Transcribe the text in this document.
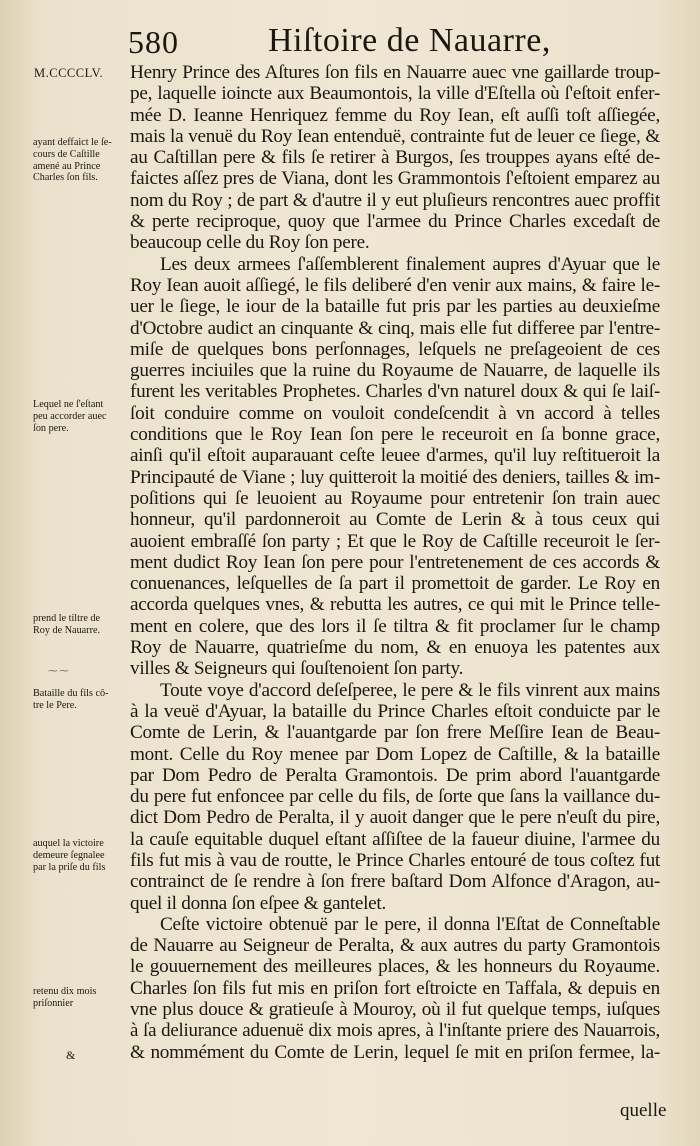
580	Hiſtoire de Nauarre,
M.CCCCLV. Henry Prince des Aſtures ſon fils en Nauarre auec vne gaillarde troup-
pe, laquelle ioincte aux Beaumontois, la ville d'Eſtella où ſ'eſtoit enfer-
mée D. Ieanne Henriquez femme du Roy Iean, eſt auſſi toſt aſſiegée,
mais la venuë du Roy Iean entenduë, contrainte fut de leuer ce ſiege, &
au Caſtillan pere & fils ſe retirer à Burgos, ſes trouppes ayans eſté de-
faictes aſſez pres de Viana, dont les Grammontois ſ'eſtoient emparez au
nom du Roy ; de part & d'autre il y eut pluſieurs rencontres auec proffit
& perte reciproque, quoy que l'armee du Prince Charles excedaſt de
beaucoup celle du Roy ſon pere.
Les deux armees ſ'aſſemblerent finalement aupres d'Ayuar que le
Roy Iean auoit aſſiegé, le fils deliberé d'en venir aux mains, & faire le-
uer le ſiege, le iour de la bataille fut pris par les parties au deuxieſme
d'Octobre audict an cinquante & cinq, mais elle fut differee par l'entre-
miſe de quelques bons perſonnages, leſquels ne preſageoient de ces
guerres inciuiles que la ruine du Royaume de Nauarre, de laquelle ils
furent les veritables Prophetes. Charles d'vn naturel doux & qui ſe laiſ-
ſoit conduire comme on vouloit condeſcendit à vn accord à telles
conditions que le Roy Iean ſon pere le receuroit en ſa bonne grace,
ainſi qu'il eſtoit auparauant ceſte leuee d'armes, qu'il luy reſtitueroit la
Principauté de Viane ; luy quitteroit la moitié des deniers, tailles & im-
poſitions qui ſe leuoient au Royaume pour entretenir ſon train auec
honneur, qu'il pardonneroit au Comte de Lerin & à tous ceux qui
auoient embraſſé ſon party ; Et que le Roy de Caſtille receuroit le ſer-
ment dudict Roy Iean ſon pere pour l'entretenement de ces accords &
conuenances, leſquelles de ſa part il promettoit de garder. Le Roy en
accorda quelques vnes, & rebutta les autres, ce qui mit le Prince telle-
ment en colere, que des lors il ſe tiltra & fit proclamer ſur le champ
Roy de Nauarre, quatrieſme du nom, & en enuoya les patentes aux
villes & Seigneurs qui ſouſtenoient ſon party.
Toute voye d'accord deſeſperee, le pere & le fils vinrent aux mains
à la veuë d'Ayuar, la bataille du Prince Charles eſtoit conduicte par le
Comte de Lerin, & l'auantgarde par ſon frere Meſſire Iean de Beau-
mont. Celle du Roy menee par Dom Lopez de Caſtille, & la bataille
par Dom Pedro de Peralta Gramontois. De prim abord l'auantgarde
du pere fut enfoncee par celle du fils, de ſorte que ſans la vaillance du-
dict Dom Pedro de Peralta, il y auoit danger que le pere n'euſt du pire,
la cauſe equitable duquel eſtant aſſiſtee de la faueur diuine, l'armee du
fils fut mis à vau de routte, le Prince Charles entouré de tous coſtez fut
contrainct de ſe rendre à ſon frere baſtard Dom Alfonce d'Aragon, au-
quel il donna ſon eſpee & gantelet.
Ceſte victoire obtenuë par le pere, il donna l'Eſtat de Conneſtable
de Nauarre au Seigneur de Peralta, & aux autres du party Gramontois
le gouuernement des meilleures places, & les honneurs du Royaume.
Charles ſon fils fut mis en priſon fort eſtroicte en Taffala, & depuis en
vne plus douce & gratieuſe à Mouroy, où il fut quelque temps, iuſques
à ſa deliurance aduenuë dix mois apres, à l'inſtante priere des Nauarrois,
& nommément du Comte de Lerin, lequel ſe mit en priſon fermee, la-
quelle
ayant deffaict le ſe-
cours de Caſtille
amené au Prince
Charles ſon fils.
Lequel ne ſ'eſtant
peu accorder auec
ſon pere.
prend le tiltre de
Roy de Nauarre.
⁓⁓
Bataille du fils cō-
tre le Pere.
auquel la victoire
demeure ſegnalee
par la priſe du fils
retenu dix mois
priſonnier
&
